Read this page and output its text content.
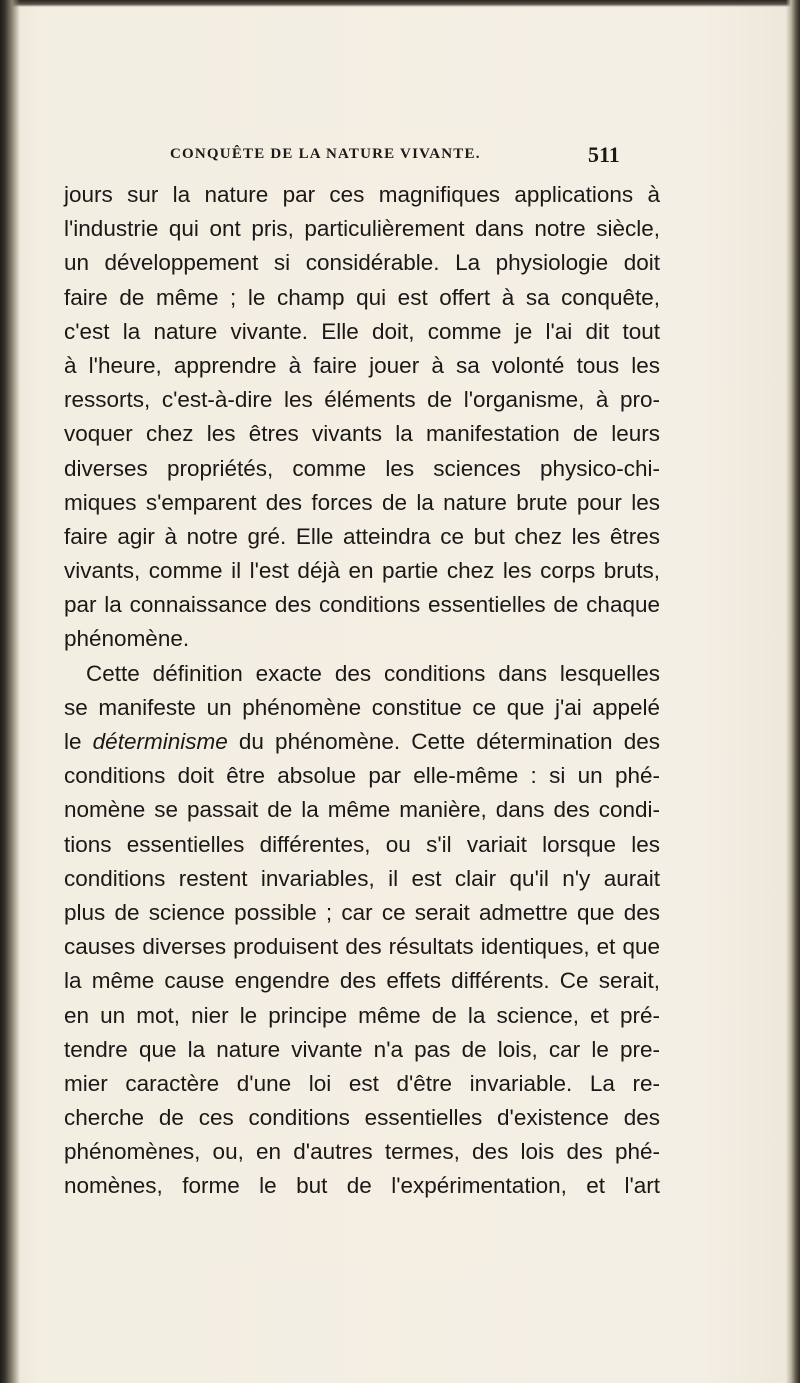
CONQUÊTE DE LA NATURE VIVANTE.	511
jours sur la nature par ces magnifiques applications à
l'industrie qui ont pris, particulièrement dans notre siècle,
un développement si considérable. La physiologie doit
faire de même ; le champ qui est offert à sa conquête,
c'est la nature vivante. Elle doit, comme je l'ai dit tout
à l'heure, apprendre à faire jouer à sa volonté tous les
ressorts, c'est-à-dire les éléments de l'organisme, à pro-
voquer chez les êtres vivants la manifestation de leurs
diverses propriétés, comme les sciences physico-chi-
miques s'emparent des forces de la nature brute pour les
faire agir à notre gré. Elle atteindra ce but chez les êtres
vivants, comme il l'est déjà en partie chez les corps bruts,
par la connaissance des conditions essentielles de chaque
phénomène.
Cette définition exacte des conditions dans lesquelles
se manifeste un phénomène constitue ce que j'ai appelé
le déterminisme du phénomène. Cette détermination des
conditions doit être absolue par elle-même : si un phé-
nomène se passait de la même manière, dans des condi-
tions essentielles différentes, ou s'il variait lorsque les
conditions restent invariables, il est clair qu'il n'y aurait
plus de science possible ; car ce serait admettre que des
causes diverses produisent des résultats identiques, et que
la même cause engendre des effets différents. Ce serait,
en un mot, nier le principe même de la science, et pré-
tendre que la nature vivante n'a pas de lois, car le pre-
mier caractère d'une loi est d'être invariable. La re-
cherche de ces conditions essentielles d'existence des
phénomènes, ou, en d'autres termes, des lois des phé-
nomènes, forme le but de l'expérimentation, et l'art
